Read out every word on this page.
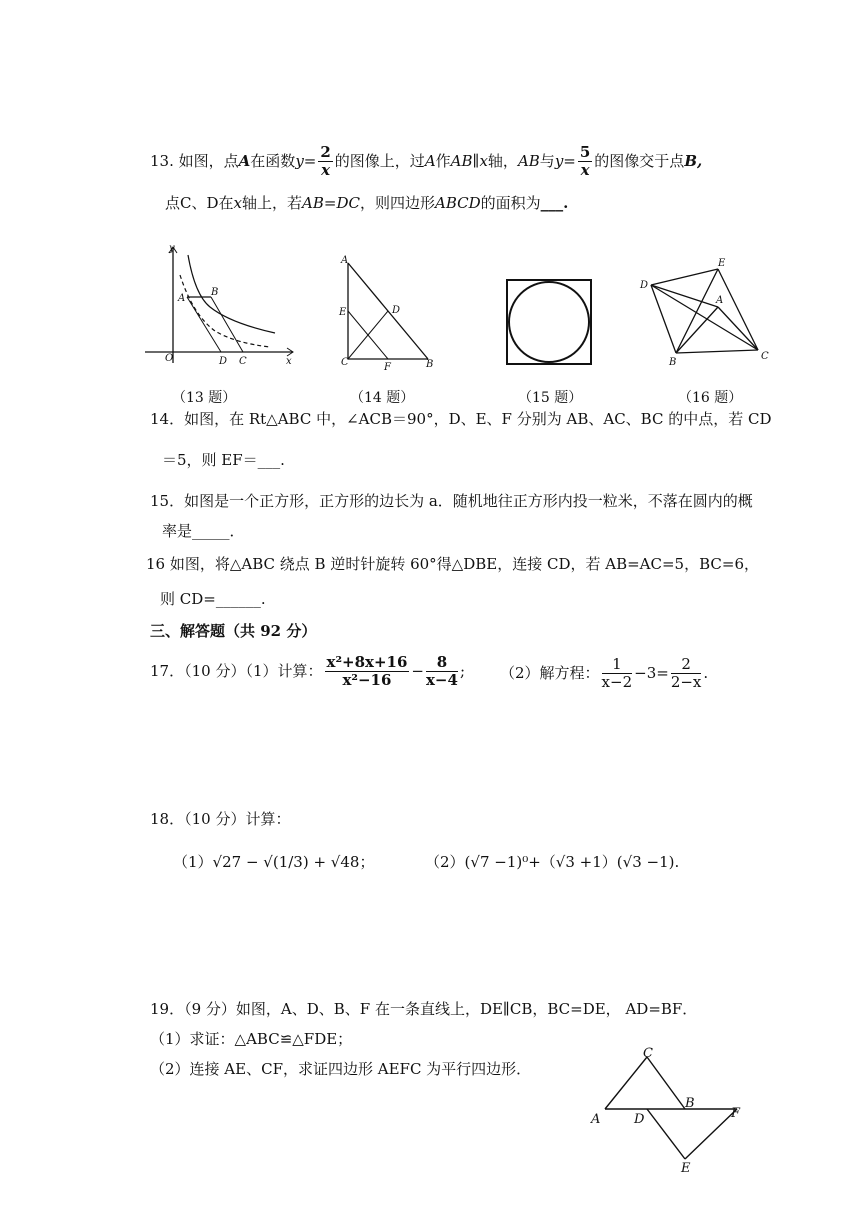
13. 如图，点A在函数$y= \frac{2}{x}$ 的图像上，过A作AB∥x轴，AB与$y= \frac{5}{x}$ 的图像交于点B,
点C、D在x轴上，若AB=DC，则四边形ABCD的面积为___.
y
x
O
A
B
D C
（13 题）
A
E	D
C	F	B
（14 题）	（15 题）
D
E
A
B
C
（16 题）
14．如图，在 Rt△ABC 中，∠ACB＝90°，D、E、F 分别为 AB、AC、BC 的中点，若 CD
＝5，则 EF＝___.
15．如图是一个正方形，正方形的边长为 a．随机地往正方形内投一粒米，不落在圆内的概
率是_____．
16 如图，将△ABC 绕点 B 逆时针旋转 60°得△DBE，连接 CD，若 AB=AC=5，BC=6，
则 CD=______.
三、解答题（共 92 分）
17．（10 分）（1）计算： $\frac{\text{x²+8x+16}}{\text{x²−16}} - \frac{8}{x-4}$ ; （2）解方程： $\frac{1}{x-2} -3= \frac{2}{2-x}$ .
18．（10 分）计算：
（1）√27 − √(1/3) + √48；	（2）(√7 −1)⁰+（√3 +1）(√3 −1).
19．（9 分）如图，A、D、B、F 在一条直线上，DE∥CB，BC=DE， AD=BF．
（1）求证：△ABC≌△FDE；
（2）连接 AE、CF，求证四边形 AEFC 为平行四边形．
C
A	D
B
F
E
